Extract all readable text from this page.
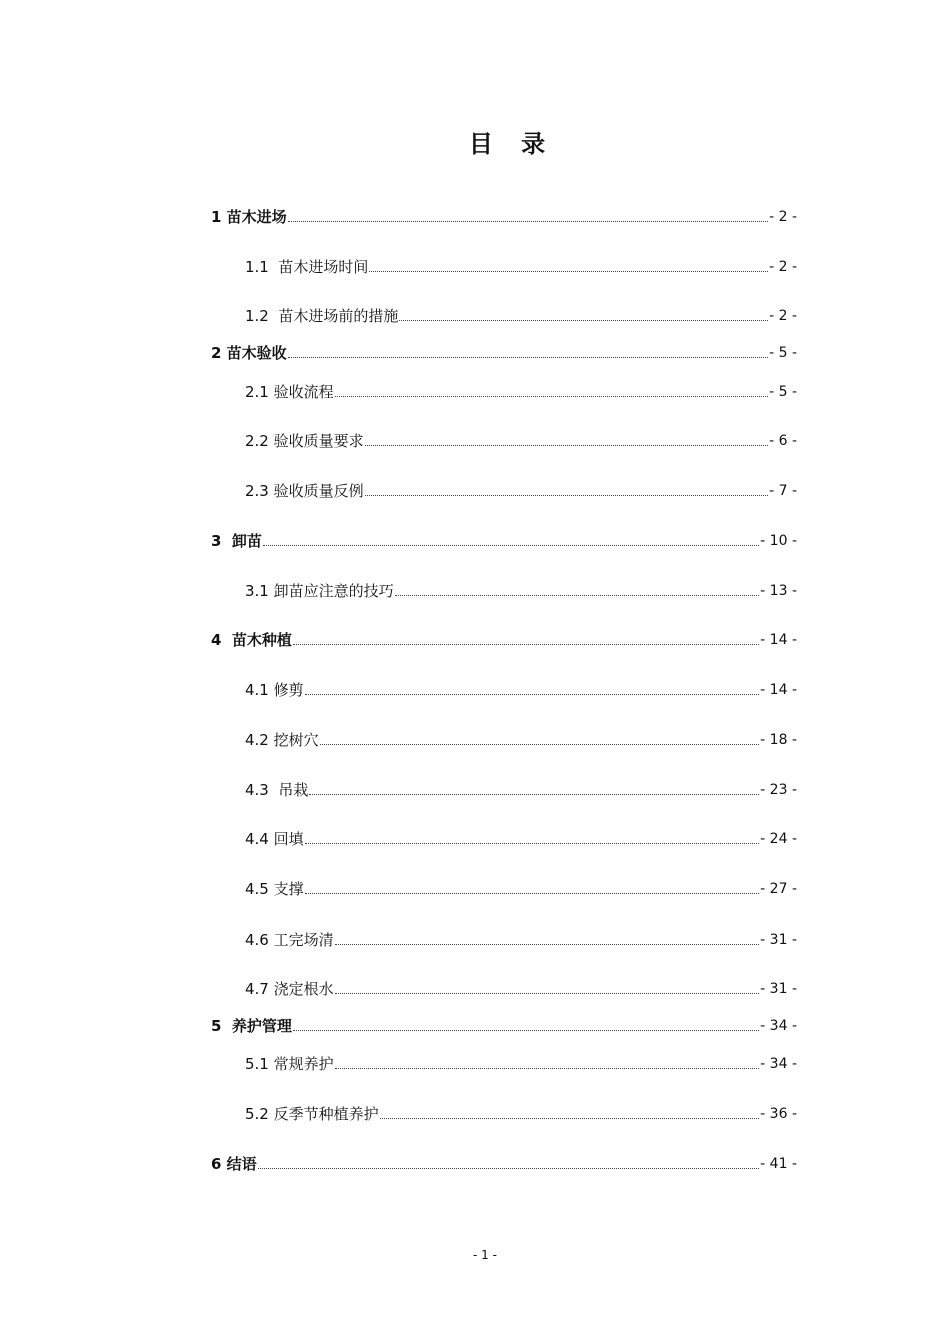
目 录
1 苗木进场	- 2 -
1.1  苗木进场时间	- 2 -
1.2  苗木进场前的措施	- 2 -
2 苗木验收	- 5 -
2.1 验收流程	- 5 -
2.2 验收质量要求	- 6 -
2.3 验收质量反例	- 7 -
3  卸苗	- 10 -
3.1 卸苗应注意的技巧	- 13 -
4  苗木种植	- 14 -
4.1 修剪	- 14 -
4.2 挖树穴	- 18 -
4.3  吊栽	- 23 -
4.4 回填	- 24 -
4.5 支撑	- 27 -
4.6 工完场清	- 31 -
4.7 浇定根水	- 31 -
5  养护管理	- 34 -
5.1 常规养护	- 34 -
5.2 反季节种植养护	- 36 -
6 结语	- 41 -
- 1 -
